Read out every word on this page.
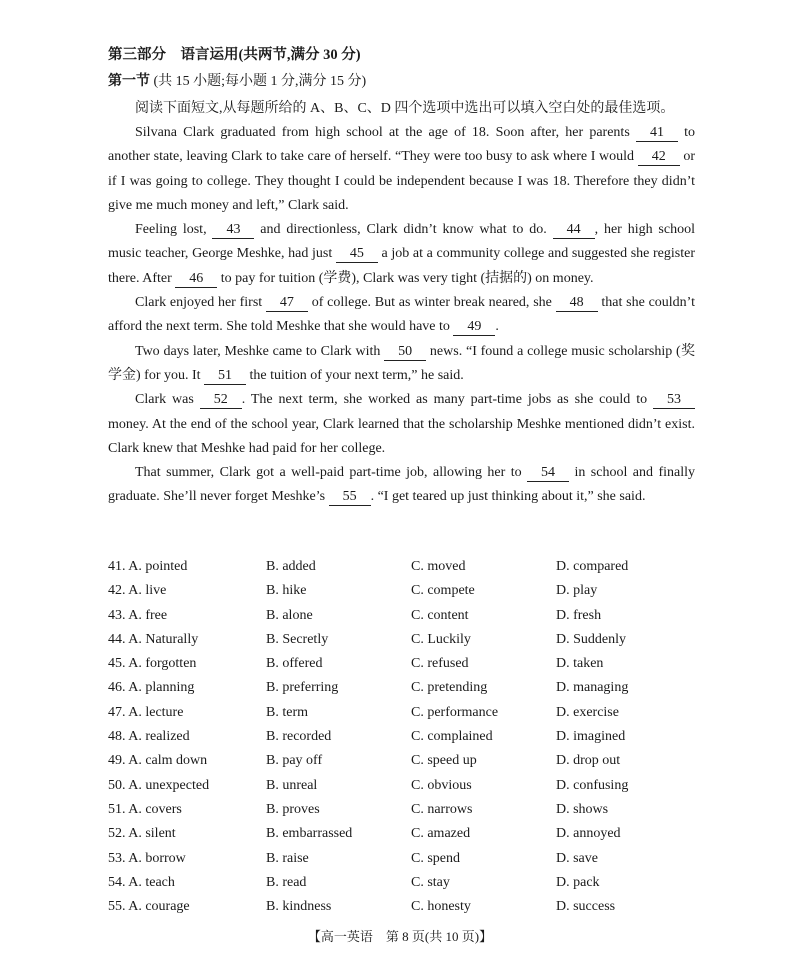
第三部分　语言运用(共两节,满分 30 分)
第一节 (共 15 小题;每小题 1 分,满分 15 分)
阅读下面短文,从每题所给的 A、B、C、D 四个选项中选出可以填入空白处的最佳选项。

Silvana Clark graduated from high school at the age of 18. Soon after, her parents 41 to another state, leaving Clark to take care of herself. “They were too busy to ask where I would 42 or if I was going to college. They thought I could be independent because I was 18. Therefore they didn’t give me much money and left,” Clark said.

Feeling lost, 43 and directionless, Clark didn’t know what to do. 44 , her high school music teacher, George Meshke, had just 45 a job at a community college and suggested she register there. After 46 to pay for tuition (学费), Clark was very tight (拮据的) on money.

Clark enjoyed her first 47 of college. But as winter break neared, she 48 that she couldn’t afford the next term. She told Meshke that she would have to 49 .

Two days later, Meshke came to Clark with 50 news. “I found a college music scholarship (奖学金) for you. It 51 the tuition of your next term,” he said.

Clark was 52 . The next term, she worked as many part-time jobs as she could to 53 money. At the end of the school year, Clark learned that the scholarship Meshke mentioned didn’t exist. Clark knew that Meshke had paid for her college.

That summer, Clark got a well-paid part-time job, allowing her to 54 in school and finally graduate. She’ll never forget Meshke’s 55 . “I get teared up just thinking about it,” she said.

41. A. pointed	B. added	C. moved	D. compared
42. A. live	B. hike	C. compete	D. play
43. A. free	B. alone	C. content	D. fresh
44. A. Naturally	B. Secretly	C. Luckily	D. Suddenly
45. A. forgotten	B. offered	C. refused	D. taken
46. A. planning	B. preferring	C. pretending	D. managing
47. A. lecture	B. term	C. performance	D. exercise
48. A. realized	B. recorded	C. complained	D. imagined
49. A. calm down	B. pay off	C. speed up	D. drop out
50. A. unexpected	B. unreal	C. obvious	D. confusing
51. A. covers	B. proves	C. narrows	D. shows
52. A. silent	B. embarrassed	C. amazed	D. annoyed
53. A. borrow	B. raise	C. spend	D. save
54. A. teach	B. read	C. stay	D. pack
55. A. courage	B. kindness	C. honesty	D. success
【高一英语　第 8 页(共 10 页)】
